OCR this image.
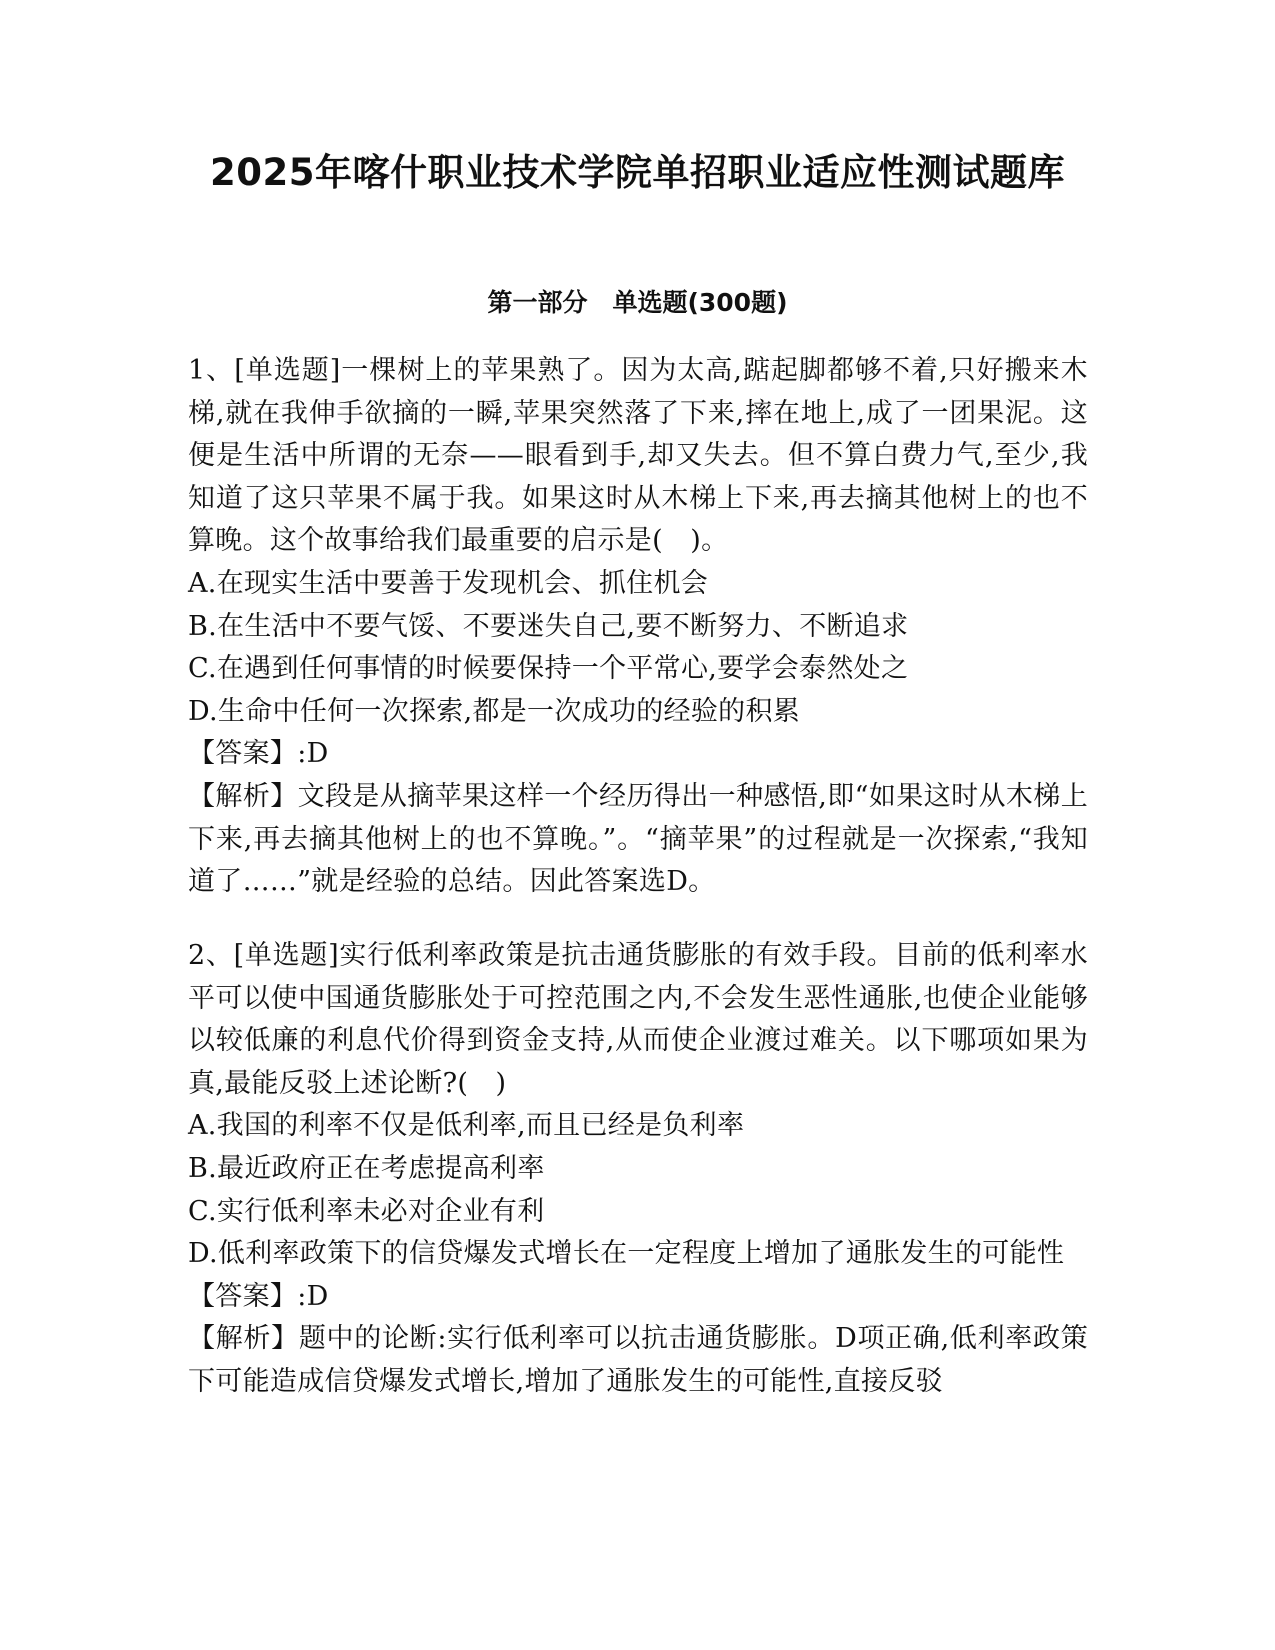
2025年喀什职业技术学院单招职业适应性测试题库
第一部分　单选题(300题)

1、[单选题]一棵树上的苹果熟了。因为太高,踮起脚都够不着,只好搬来木梯,就在我伸手欲摘的一瞬,苹果突然落了下来,摔在地上,成了一团果泥。这便是生活中所谓的无奈——眼看到手,却又失去。但不算白费力气,至少,我知道了这只苹果不属于我。如果这时从木梯上下来,再去摘其他树上的也不算晚。这个故事给我们最重要的启示是(　)。

A.在现实生活中要善于发现机会、抓住机会

B.在生活中不要气馁、不要迷失自己,要不断努力、不断追求

C.在遇到任何事情的时候要保持一个平常心,要学会泰然处之

D.生命中任何一次探索,都是一次成功的经验的积累

【答案】:D

【解析】文段是从摘苹果这样一个经历得出一种感悟,即“如果这时从木梯上下来,再去摘其他树上的也不算晚。”。“摘苹果”的过程就是一次探索,“我知道了……”就是经验的总结。因此答案选D。

2、[单选题]实行低利率政策是抗击通货膨胀的有效手段。目前的低利率水平可以使中国通货膨胀处于可控范围之内,不会发生恶性通胀,也使企业能够以较低廉的利息代价得到资金支持,从而使企业渡过难关。以下哪项如果为真,最能反驳上述论断?(　)

A.我国的利率不仅是低利率,而且已经是负利率

B.最近政府正在考虑提高利率

C.实行低利率未必对企业有利

D.低利率政策下的信贷爆发式增长在一定程度上增加了通胀发生的可能性

【答案】:D

【解析】题中的论断:实行低利率可以抗击通货膨胀。D项正确,低利率政策下可能造成信贷爆发式增长,增加了通胀发生的可能性,直接反驳
